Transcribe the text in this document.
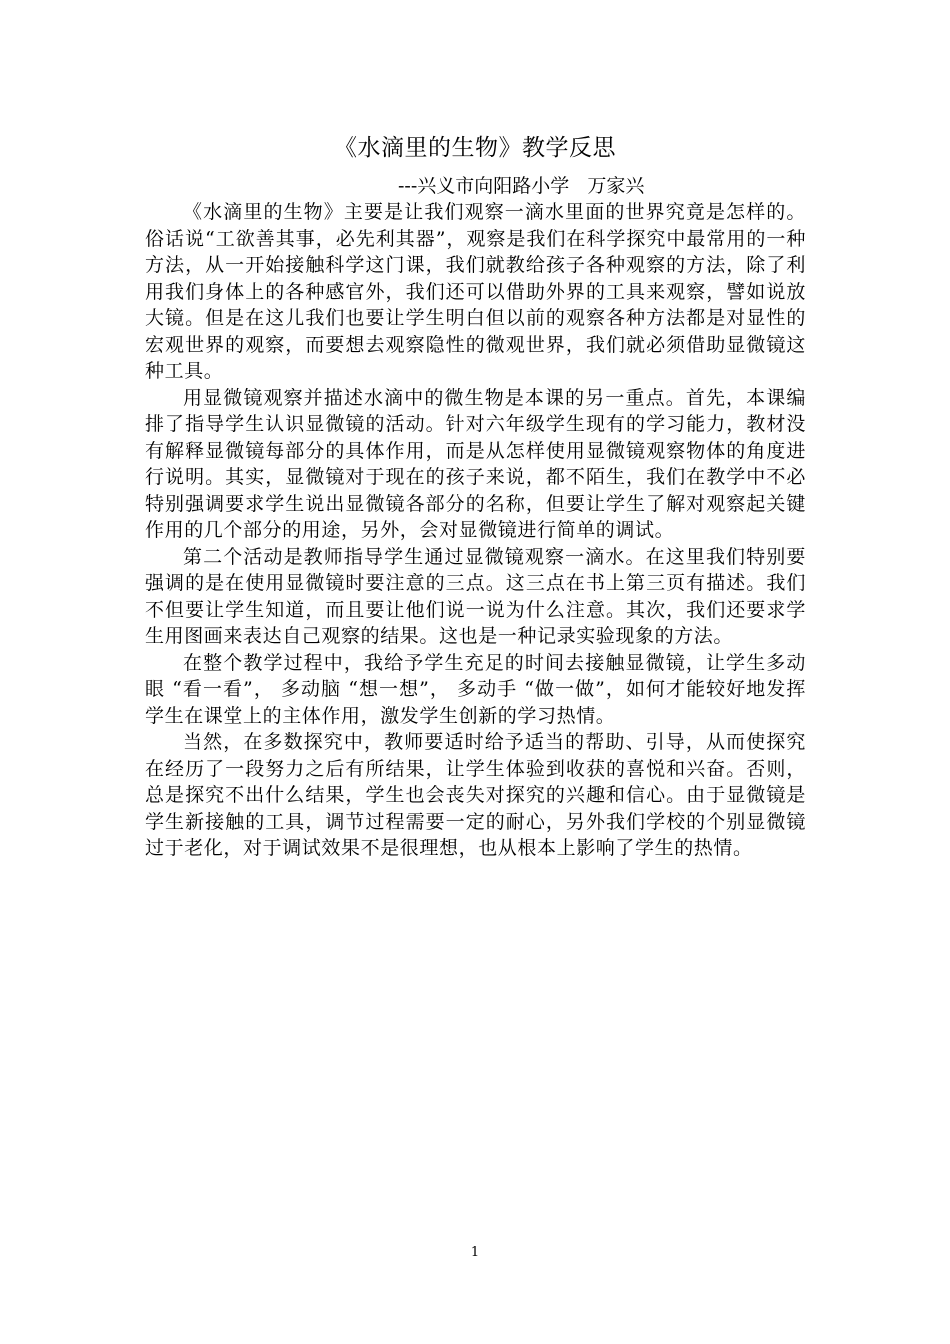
《水滴里的生物》教学反思
---兴义市向阳路小学   万家兴

《水滴里的生物》主要是让我们观察一滴水里面的世界究竟是怎样的。俗话说“工欲善其事，必先利其器”，观察是我们在科学探究中最常用的一种方法，从一开始接触科学这门课，我们就教给孩子各种观察的方法，除了利用我们身体上的各种感官外，我们还可以借助外界的工具来观察，譬如说放大镜。但是在这儿我们也要让学生明白但以前的观察各种方法都是对显性的宏观世界的观察，而要想去观察隐性的微观世界，我们就必须借助显微镜这种工具。

用显微镜观察并描述水滴中的微生物是本课的另一重点。首先，本课编排了指导学生认识显微镜的活动。针对六年级学生现有的学习能力，教材没有解释显微镜每部分的具体作用，而是从怎样使用显微镜观察物体的角度进行说明。其实，显微镜对于现在的孩子来说，都不陌生，我们在教学中不必特别强调要求学生说出显微镜各部分的名称，但要让学生了解对观察起关键作用的几个部分的用途，另外，会对显微镜进行简单的调试。

第二个活动是教师指导学生通过显微镜观察一滴水。在这里我们特别要强调的是在使用显微镜时要注意的三点。这三点在书上第三页有描述。我们不但要让学生知道，而且要让他们说一说为什么注意。其次，我们还要求学生用图画来表达自己观察的结果。这也是一种记录实验现象的方法。

在整个教学过程中，我给予学生充足的时间去接触显微镜，让学生多动眼 “看一看”， 多动脑 “想一想”， 多动手 “做一做”，如何才能较好地发挥学生在课堂上的主体作用，激发学生创新的学习热情。

当然，在多数探究中，教师要适时给予适当的帮助、引导，从而使探究在经历了一段努力之后有所结果，让学生体验到收获的喜悦和兴奋。否则，总是探究不出什么结果，学生也会丧失对探究的兴趣和信心。由于显微镜是学生新接触的工具，调节过程需要一定的耐心，另外我们学校的个别显微镜过于老化，对于调试效果不是很理想，也从根本上影响了学生的热情。

1
